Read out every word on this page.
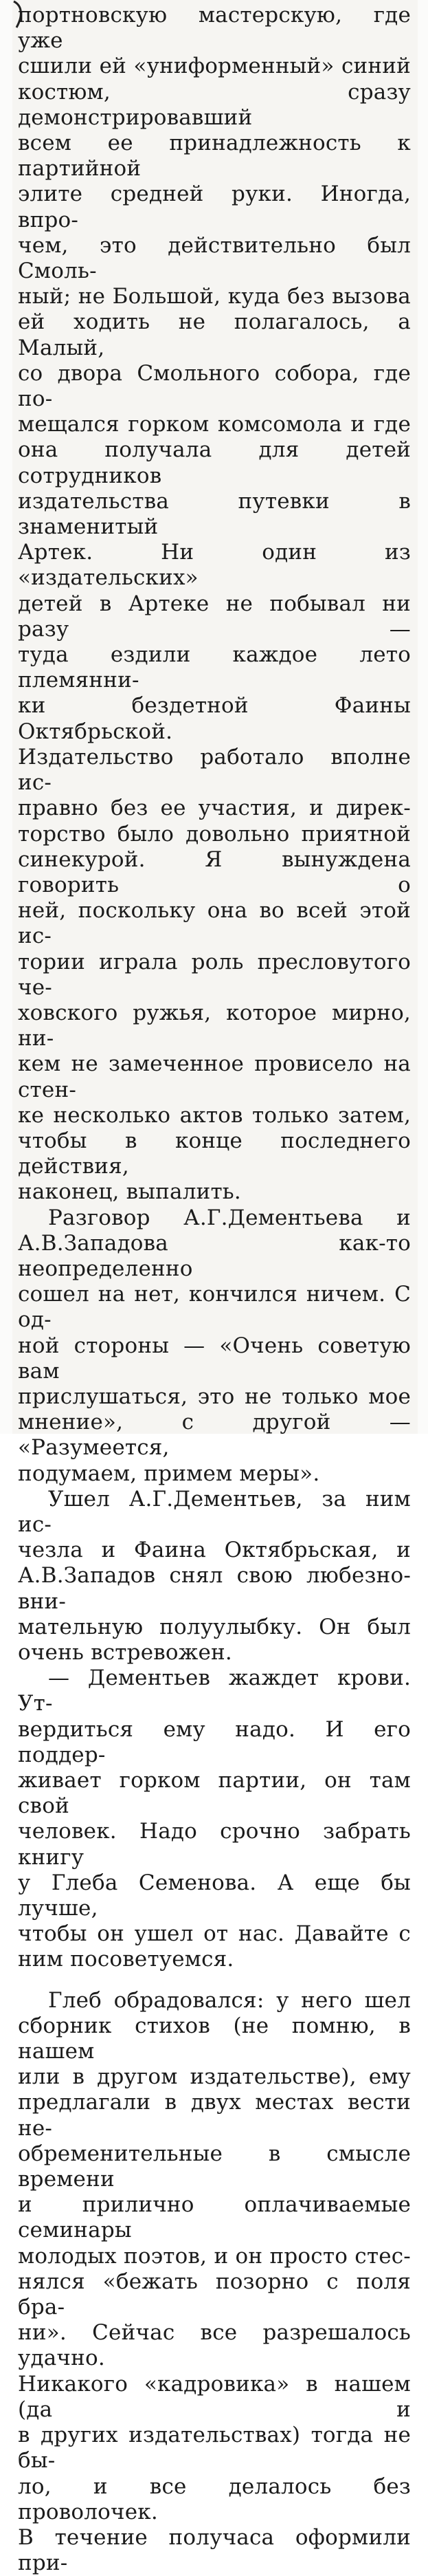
портновскую мастерскую, где уже

сшили ей «униформенный» синий

костюм, сразу демонстрировавший

всем ее принадлежность к партийной

элите средней руки. Иногда, впро-

чем, это действительно был Смоль-

ный; не Большой, куда без вызова

ей ходить не полагалось, а Малый,

со двора Смольного собора, где по-

мещался горком комсомола и где

она получала для детей сотрудников

издательства путевки в знаменитый

Артек. Ни один из «издательских»

детей в Артеке не побывал ни разу —

туда ездили каждое лето племянни-

ки бездетной Фаины Октябрьской.

Издательство работало вполне ис-

правно без ее участия, и дирек-

торство было довольно приятной

синекурой. Я вынуждена говорить о

ней, поскольку она во всей этой ис-

тории играла роль пресловутого че-

ховского ружья, которое мирно, ни-

кем не замеченное провисело на стен-

ке несколько актов только затем,

чтобы в конце последнего действия,

наконец, выпалить.

Разговор А.Г.Дементьева и

А.В.Западова как-то неопределенно

сошел на нет, кончился ничем. С од-

ной стороны — «Очень советую вам

прислушаться, это не только мое

мнение», с другой — «Разумеется,

подумаем, примем меры».

Ушел А.Г.Дементьев, за ним ис-

чезла и Фаина Октябрьская, и

А.В.Западов снял свою любезно-вни-

мательную полуулыбку. Он был

очень встревожен.

— Дементьев жаждет крови. Ут-

вердиться ему надо. И его поддер-

живает горком партии, он там свой

человек. Надо срочно забрать книгу

у Глеба Семенова. А еще бы лучше,

чтобы он ушел от нас. Давайте с

ним посоветуемся.

Глеб обрадовался: у него шел

сборник стихов (не помню, в нашем

или в другом издательстве), ему

предлагали в двух местах вести не-

обременительные в смысле времени

и прилично оплачиваемые семинары

молодых поэтов, и он просто стес-

нялся «бежать позорно с поля бра-

ни». Сейчас все разрешалось удачно.

Никакого «кадровика» в нашем (да и

в других издательствах) тогда не бы-

ло, и все делалось без проволочек.

В течение получаса оформили при-
